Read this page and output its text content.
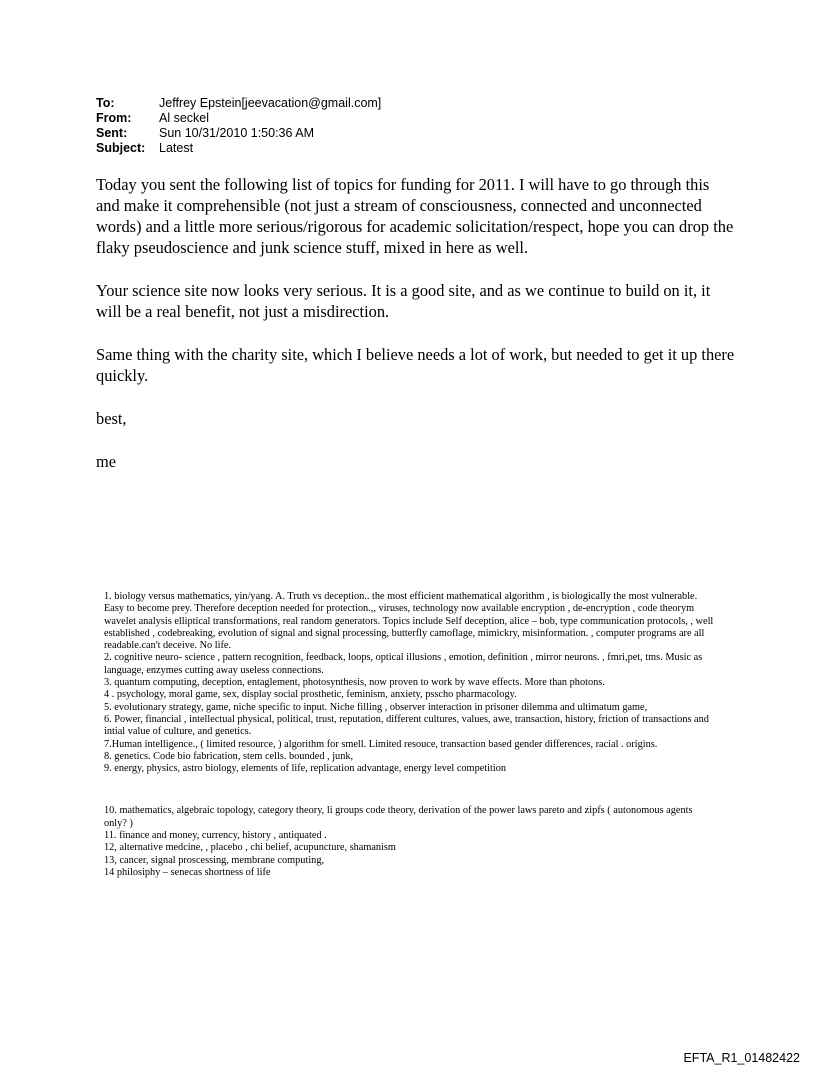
To:	Jeffrey Epstein[jeevacation@gmail.com]
From:	Al seckel
Sent:	Sun 10/31/2010 1:50:36 AM
Subject:	Latest

Today you sent the following list of topics for funding for 2011. I will have to go through this and make it comprehensible (not just a stream of consciousness, connected and unconnected words) and a little more serious/rigorous for academic solicitation/respect, hope you can drop the flaky pseudoscience and junk science stuff, mixed in here as well.

Your science site now looks very serious. It is a good site, and as we continue to build on it, it will be a real benefit, not just a misdirection.

Same thing with the charity site, which I believe needs a lot of work, but needed to get it up there quickly.

best,

me

1. biology versus mathematics, yin/yang. A. Truth vs deception.. the most efficient mathematical algorithm , is biologically the most vulnerable. Easy to become prey. Therefore deception needed for protection.,, viruses, technology now available encryption , de-encryption , code theorym wavelet analysis elliptical transformations, real random generators. Topics include Self deception, alice – bob, type communication protocols, , well established , codebreaking, evolution of signal and signal processing, butterfly camoflage, mimickry, misinformation. , computer programs are all readable.can't deceive. No life.

2. cognitive neuro- science , pattern recognition, feedback, loops, optical illusions , emotion, definition , mirror neurons. , fmri,pet, tms. Music as language, enzymes cutting away useless connections.

3. quantum computing, deception, entaglement, photosynthesis, now proven to work by wave effects. More than photons.

4 . psychology, moral game, sex, display social prosthetic, feminism, anxiety, psscho pharmacology.

5. evolutionary strategy, game, niche specific to input. Niche filling , observer interaction in prisoner dilemma and ultimatum game,

6. Power, financial , intellectual physical, political, trust, reputation, different cultures, values, awe, transaction, history, friction of transactions and intial value of culture, and genetics.

7.Human intelligence., ( limited resource, ) algorithm for smell. Limited resouce, transaction based gender differences, racial . origins.

8. genetics. Code bio fabrication, stem cells. bounded , junk,

9. energy, physics, astro biology, elements of life, replication advantage, energy level competition

10. mathematics, algebraic topology, category theory, li groups code theory, derivation of the power laws pareto and zipfs ( autonomous agents only? )

11. finance and money, currency, history , antiquated .

12, alternative medcine, , placebo , chi belief, acupuncture, shamanism

13, cancer, signal proscessing, membrane computing,

14 philosiphy – senecas shortness of life

EFTA_R1_01482422
